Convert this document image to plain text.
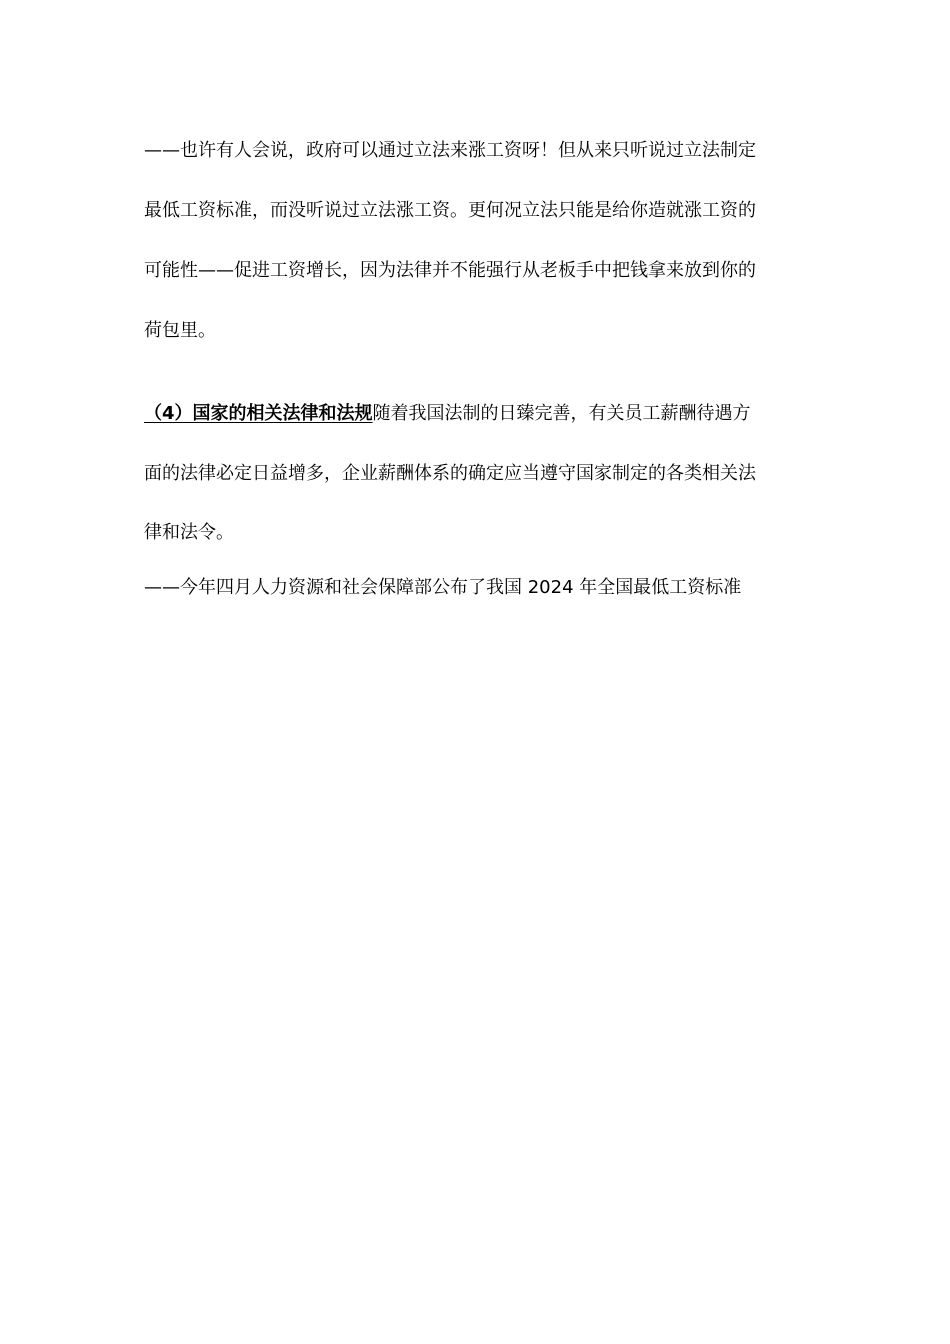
——也许有人会说，政府可以通过立法来涨工资呀！但从来只听说过立法制定
最低工资标准，而没听说过立法涨工资。更何况立法只能是给你造就涨工资的
可能性——促进工资增长，因为法律并不能强行从老板手中把钱拿来放到你的
荷包里。
（4）国家的相关法律和法规随着我国法制的日臻完善，有关员工薪酬待遇方
面的法律必定日益增多，企业薪酬体系的确定应当遵守国家制定的各类相关法
律和法令。
——今年四月人力资源和社会保障部公布了我国 2024 年全国最低工资标准
